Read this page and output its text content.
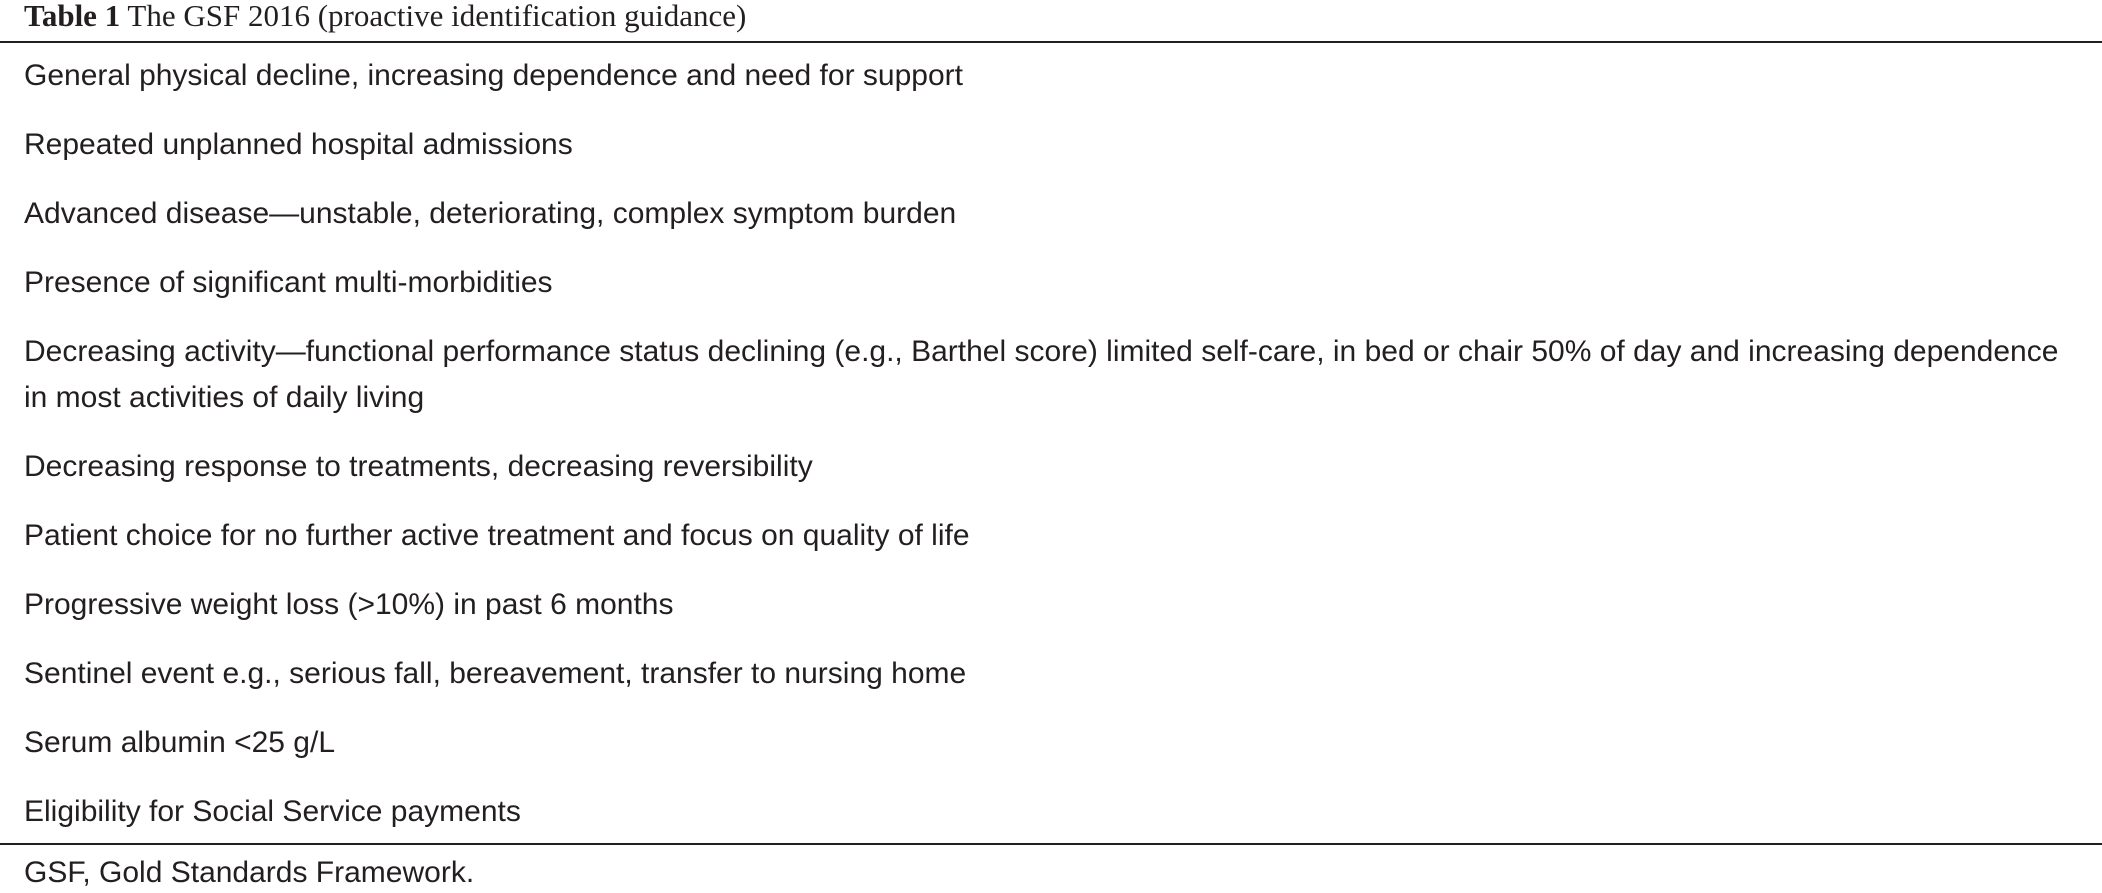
Table 1 The GSF 2016 (proactive identification guidance)
General physical decline, increasing dependence and need for support
Repeated unplanned hospital admissions
Advanced disease—unstable, deteriorating, complex symptom burden
Presence of significant multi-morbidities
Decreasing activity—functional performance status declining (e.g., Barthel score) limited self-care, in bed or chair 50% of day and increasing dependence in most activities of daily living
Decreasing response to treatments, decreasing reversibility
Patient choice for no further active treatment and focus on quality of life
Progressive weight loss (>10%) in past 6 months
Sentinel event e.g., serious fall, bereavement, transfer to nursing home
Serum albumin <25 g/L
Eligibility for Social Service payments
GSF, Gold Standards Framework.
